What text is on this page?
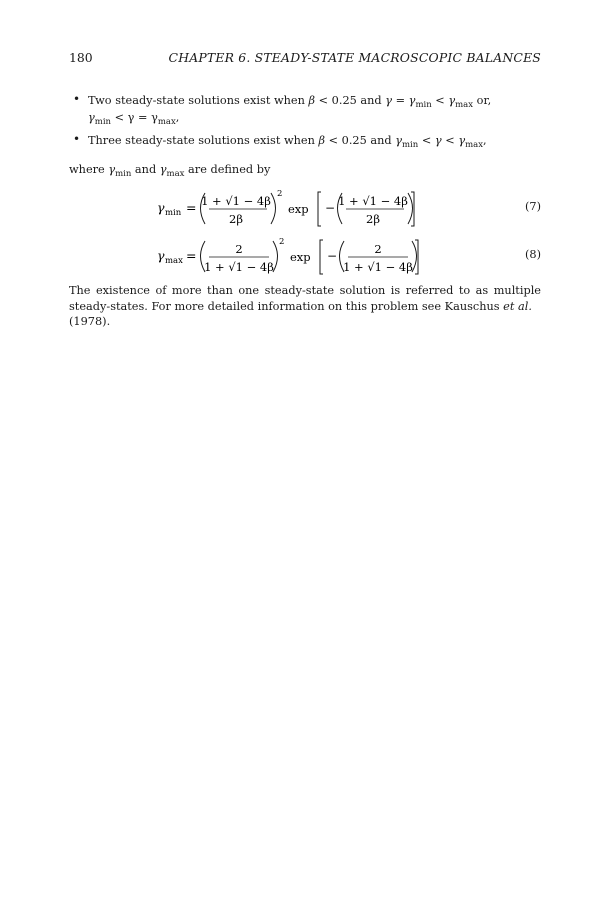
180	CHAPTER 6. STEADY-STATE MACROSCOPIC BALANCES
• Two steady-state solutions exist when β < 0.25 and $\gamma = \gamma_{min} < \gamma_{max}$ or,
$\gamma_{min} < \gamma = \gamma_{max}$,
• Three steady-state solutions exist when β < 0.25 and $\gamma_{min} < \gamma < \gamma_{max}$,
where $\gamma_{min}$ and $\gamma_{max}$ are defined by
γ min = 1 + √1 − 4β
2β
2
exp − 1 + √1 − 4β
2β
(7)
γ max =	2
1 + √1 − 4β
2
exp −	2
1 + √1 − 4β
(8)
The existence of more than one steady-state solution is referred to as multiple steady-states. For more detailed information on this problem see Kauschus et al.
(1978).
